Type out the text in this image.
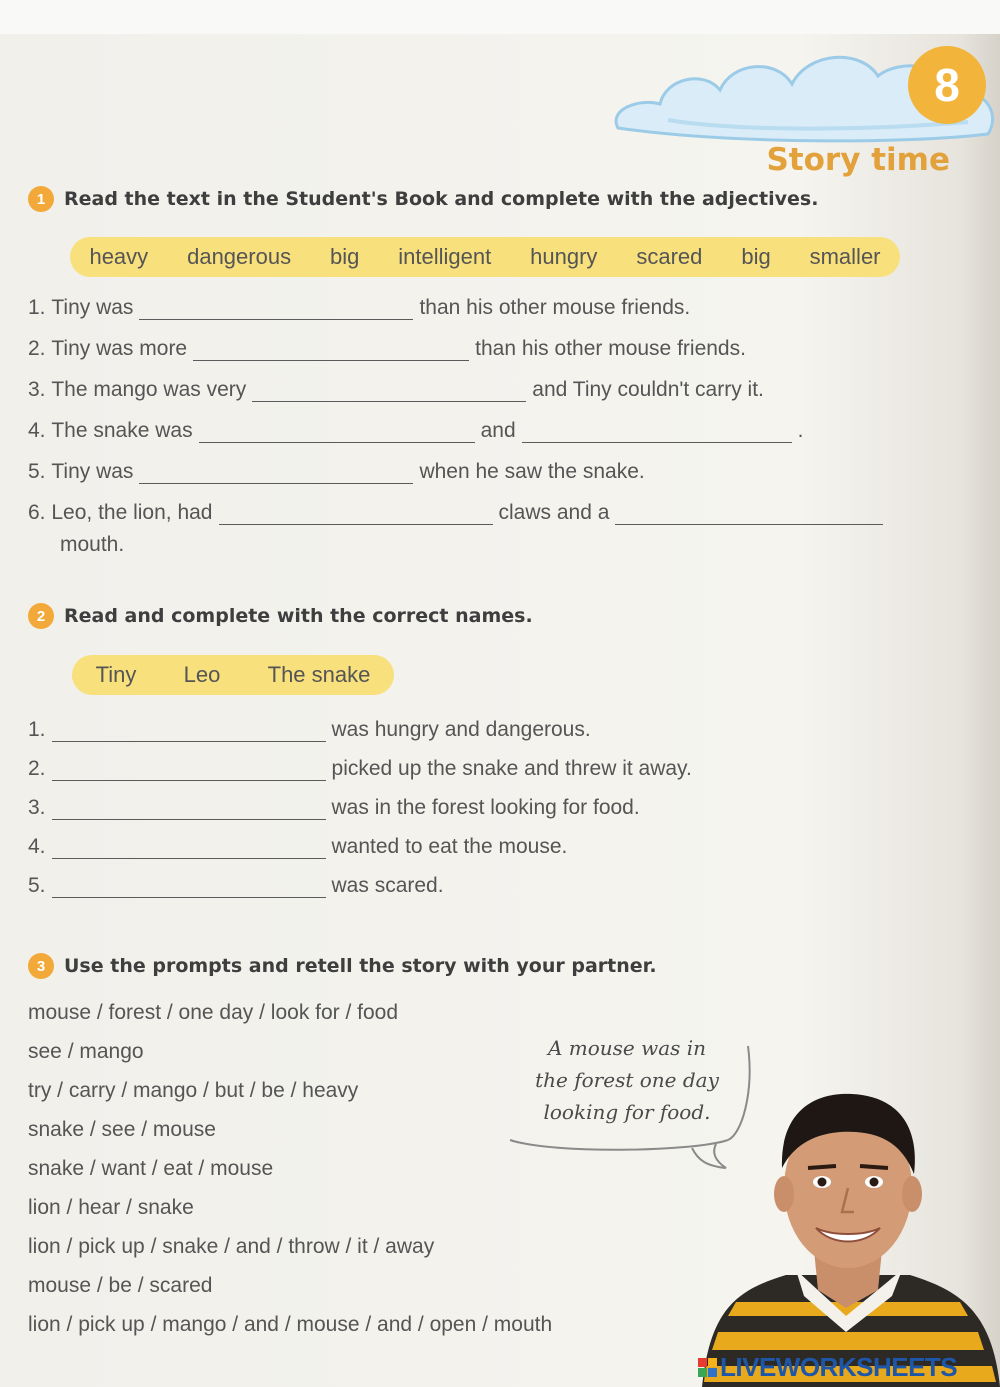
8
Story time
1 Read the text in the Student's Book and complete with the adjectives.
heavy dangerous big intelligent hungry scared big smaller
1.
Tiny was	than his other mouse friends.
2.
Tiny was more	than his other mouse friends.
3.
The mango was very	and Tiny couldn't carry it.
4.
The snake was	and	.
5.
Tiny was	when he saw the snake.
6.
Leo, the lion, had	claws and a
mouth.
2 Read and complete with the correct names.
Tiny Leo The snake
1.	was hungry and dangerous.
2.	picked up the snake and threw it away.
3.	was in the forest looking for food.
4.	wanted to eat the mouse.
5.	was scared.
3 Use the prompts and retell the story with your partner.
mouse / forest / one day / look for / food
see / mango
try / carry / mango / but / be / heavy
snake / see / mouse
snake / want / eat / mouse
lion / hear / snake
lion / pick up / snake / and / throw / it / away
mouse / be / scared
lion / pick up / mango / and / mouse / and / open / mouth
A mouse was in
the forest one day
looking for food.
LIVEWORKSHEETS
